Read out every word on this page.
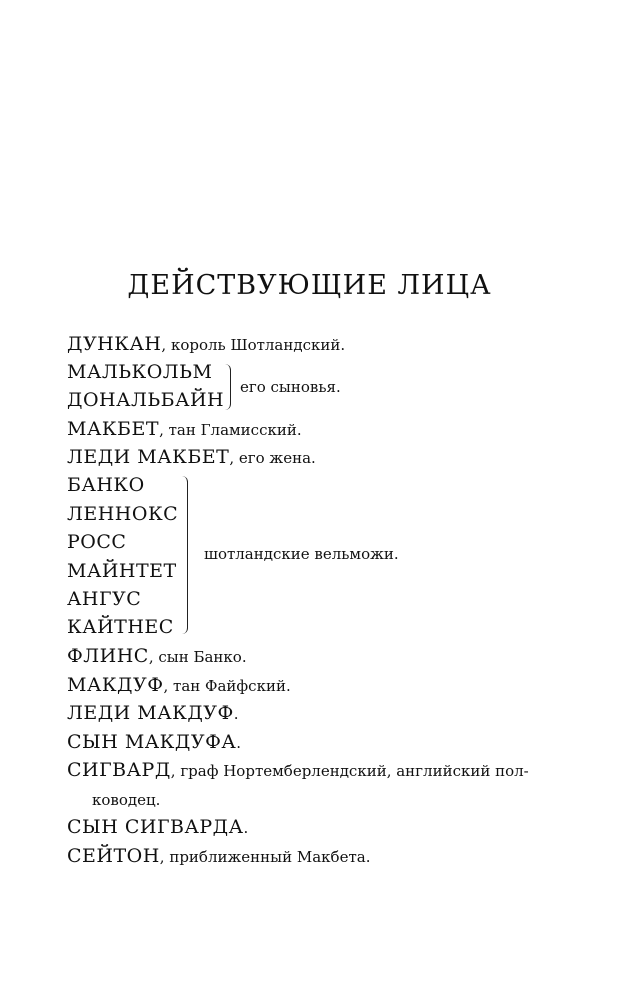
ДЕЙСТВУЮЩИЕ ЛИЦА
ДУНКАН, король Шотландский.
МАЛЬКОЛЬМ
ДОНАЛЬБАЙН
его сыновья.
МАКБЕТ, тан Гламисский.
ЛЕДИ МАКБЕТ, его жена.
БАНКО
ЛЕННОКС
РОСС
МАЙНТЕТ
АНГУС
КАЙТНЕС
шотландские вельможи.
ФЛИНС, сын Банко.
МАКДУФ, тан Файфский.
ЛЕДИ МАКДУФ.
СЫН МАКДУФА.
СИГВАРД, граф Нортемберлендский, английский пол-
ководец.
СЫН СИГВАРДА.
СЕЙТОН, приближенный Макбета.
